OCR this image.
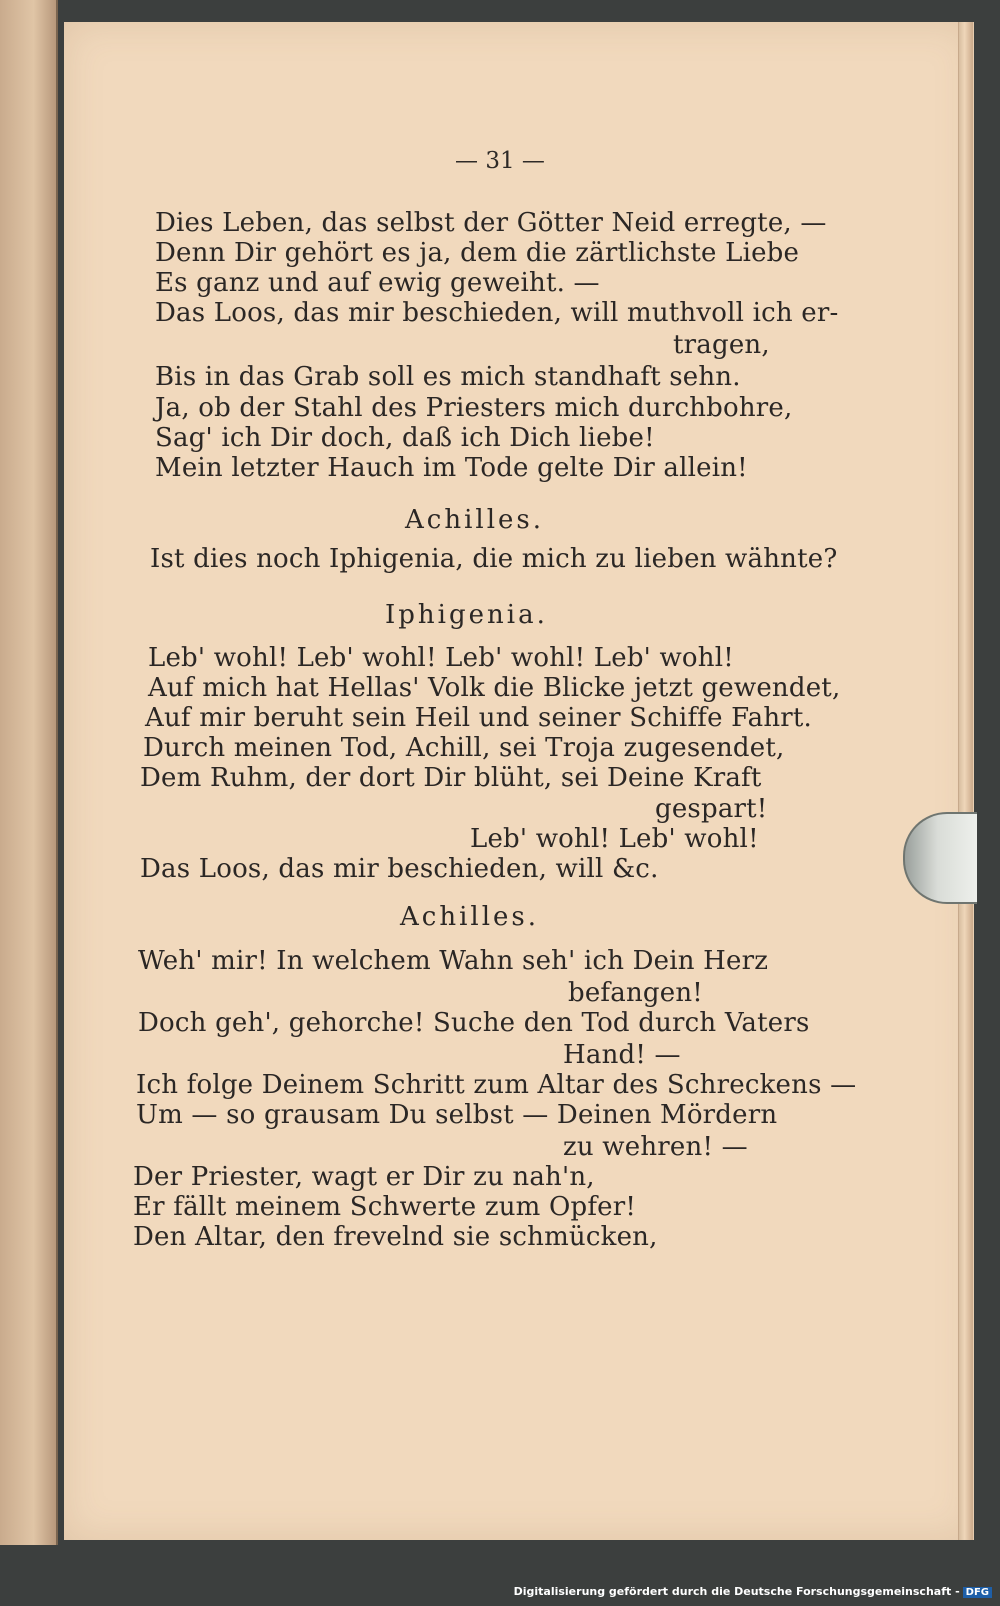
— 31 —
Dies Leben, das selbst der Götter Neid erregte, —
Denn Dir gehört es ja, dem die zärtlichste Liebe
Es ganz und auf ewig geweiht. —
Das Loos, das mir beschieden, will muthvoll ich er-
tragen,
Bis in das Grab soll es mich standhaft sehn.
Ja, ob der Stahl des Priesters mich durchbohre,
Sag' ich Dir doch, daß ich Dich liebe!
Mein letzter Hauch im Tode gelte Dir allein!
Achilles.
Ist dies noch Iphigenia, die mich zu lieben wähnte?
Iphigenia.
Leb' wohl! Leb' wohl! Leb' wohl! Leb' wohl!
Auf mich hat Hellas' Volk die Blicke jetzt gewendet,
Auf mir beruht sein Heil und seiner Schiffe Fahrt.
Durch meinen Tod, Achill, sei Troja zugesendet,
Dem Ruhm, der dort Dir blüht, sei Deine Kraft
gespart!
Leb' wohl! Leb' wohl!
Das Loos, das mir beschieden, will &c.
Achilles.
Weh' mir! In welchem Wahn seh' ich Dein Herz
befangen!
Doch geh', gehorche! Suche den Tod durch Vaters
Hand! —
Ich folge Deinem Schritt zum Altar des Schreckens —
Um — so grausam Du selbst — Deinen Mördern
zu wehren! —
Der Priester, wagt er Dir zu nah'n,
Er fällt meinem Schwerte zum Opfer!
Den Altar, den frevelnd sie schmücken,
Digitalisierung gefördert durch die Deutsche Forschungsgemeinschaft - DFG
